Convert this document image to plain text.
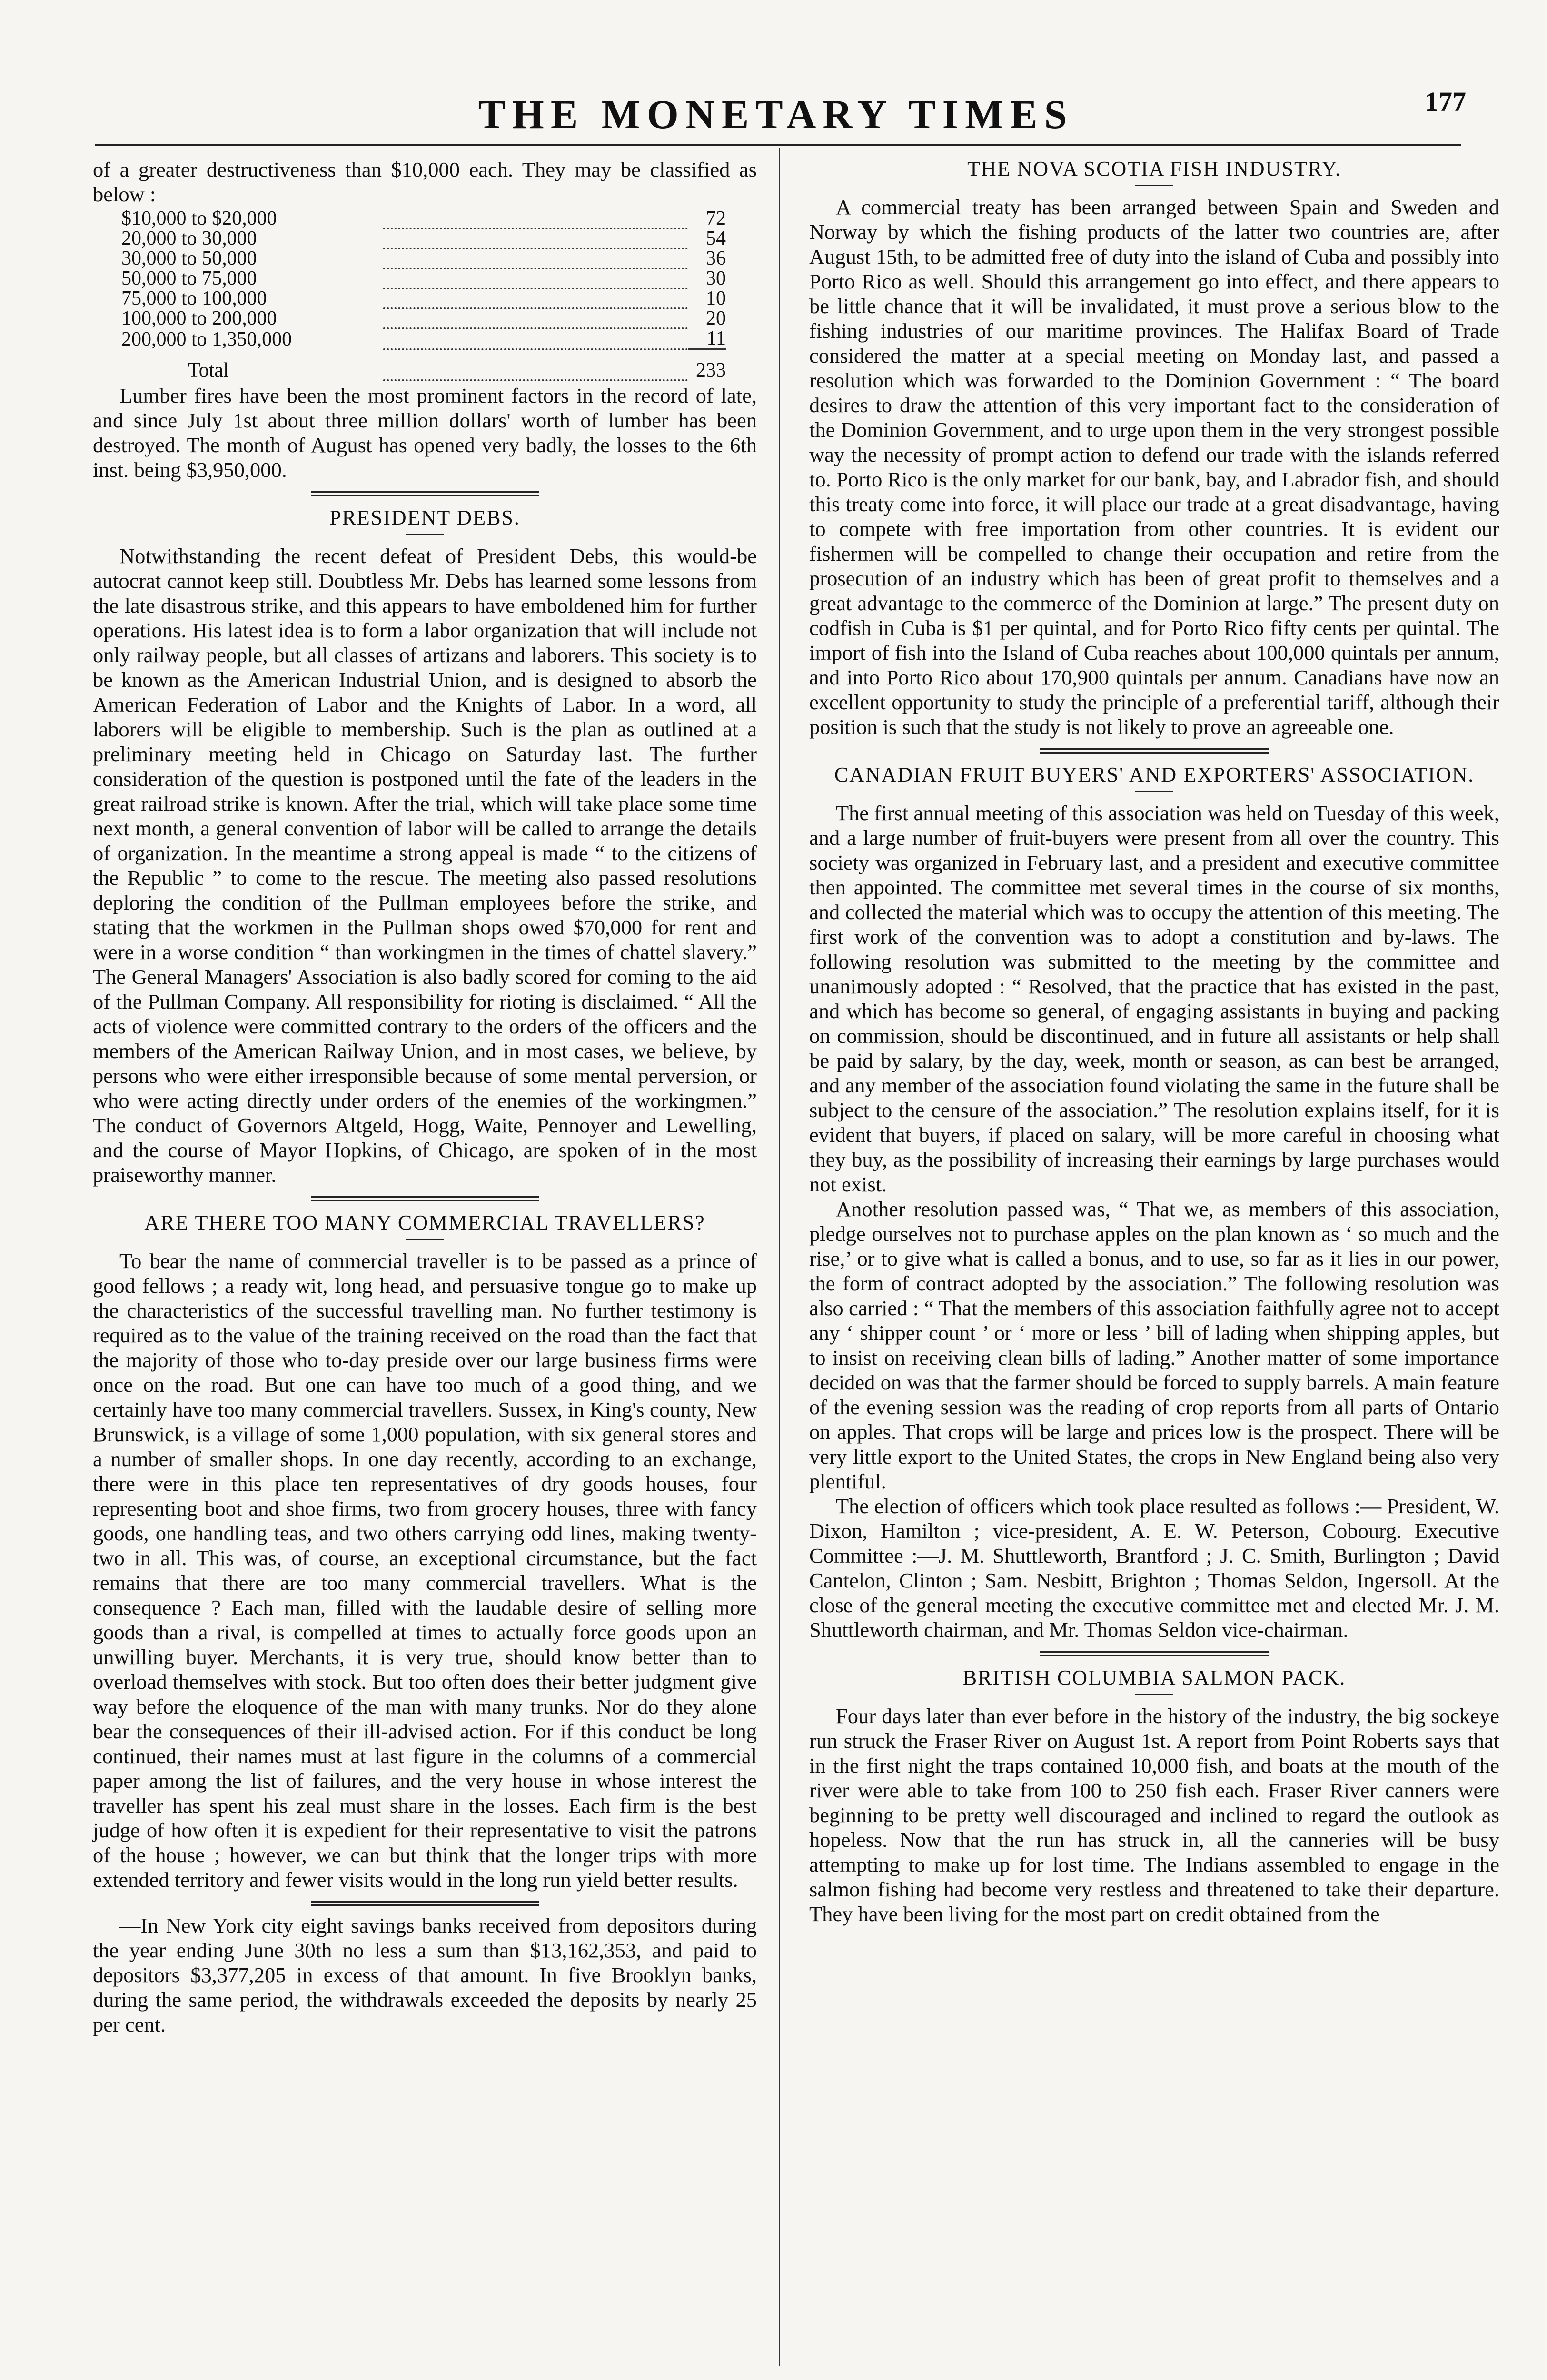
THE MONETARY TIMES	177

of a greater destructiveness than $10,000 each. They may be classified as below :

$10,000 to $20,000		72
20,000 to 30,000		54
30,000 to 50,000		36
50,000 to 75,000		30
75,000 to 100,000		10
100,000 to 200,000		20
200,000 to 1,350,000		11
Total		233

Lumber fires have been the most prominent factors in the record of late, and since July 1st about three million dollars' worth of lumber has been destroyed. The month of August has opened very badly, the losses to the 6th inst. being $3,950,000.

PRESIDENT DEBS.

Notwithstanding the recent defeat of President Debs, this would-be autocrat cannot keep still. Doubtless Mr. Debs has learned some lessons from the late disastrous strike, and this appears to have emboldened him for further operations. His latest idea is to form a labor organization that will include not only railway people, but all classes of artizans and laborers. This society is to be known as the American Industrial Union, and is designed to absorb the American Federation of Labor and the Knights of Labor. In a word, all laborers will be eligible to membership. Such is the plan as outlined at a preliminary meeting held in Chicago on Saturday last. The further consideration of the question is postponed until the fate of the leaders in the great railroad strike is known. After the trial, which will take place some time next month, a general convention of labor will be called to arrange the details of organization. In the meantime a strong appeal is made “ to the citizens of the Republic ” to come to the rescue. The meeting also passed resolutions deploring the condition of the Pullman employees before the strike, and stating that the workmen in the Pullman shops owed $70,000 for rent and were in a worse condition “ than workingmen in the times of chattel slavery.” The General Managers' Association is also badly scored for coming to the aid of the Pullman Company. All responsibility for rioting is disclaimed. “ All the acts of violence were committed contrary to the orders of the officers and the members of the American Railway Union, and in most cases, we believe, by persons who were either irresponsible because of some mental perversion, or who were acting directly under orders of the enemies of the workingmen.” The conduct of Governors Altgeld, Hogg, Waite, Pennoyer and Lewelling, and the course of Mayor Hopkins, of Chicago, are spoken of in the most praiseworthy manner.

ARE THERE TOO MANY COMMERCIAL TRAVELLERS?

To bear the name of commercial traveller is to be passed as a prince of good fellows ; a ready wit, long head, and persuasive tongue go to make up the characteristics of the successful travelling man. No further testimony is required as to the value of the training received on the road than the fact that the majority of those who to-day preside over our large business firms were once on the road. But one can have too much of a good thing, and we certainly have too many commercial travellers. Sussex, in King's county, New Brunswick, is a village of some 1,000 population, with six general stores and a number of smaller shops. In one day recently, according to an exchange, there were in this place ten representatives of dry goods houses, four representing boot and shoe firms, two from grocery houses, three with fancy goods, one handling teas, and two others carrying odd lines, making twenty-two in all. This was, of course, an exceptional circumstance, but the fact remains that there are too many commercial travellers. What is the consequence ? Each man, filled with the laudable desire of selling more goods than a rival, is compelled at times to actually force goods upon an unwilling buyer. Merchants, it is very true, should know better than to overload themselves with stock. But too often does their better judgment give way before the eloquence of the man with many trunks. Nor do they alone bear the consequences of their ill-advised action. For if this conduct be long continued, their names must at last figure in the columns of a commercial paper among the list of failures, and the very house in whose interest the traveller has spent his zeal must share in the losses. Each firm is the best judge of how often it is expedient for their representative to visit the patrons of the house ; however, we can but think that the longer trips with more extended territory and fewer visits would in the long run yield better results.

—In New York city eight savings banks received from depositors during the year ending June 30th no less a sum than $13,162,353, and paid to depositors $3,377,205 in excess of that amount. In five Brooklyn banks, during the same period, the withdrawals exceeded the deposits by nearly 25 per cent.

THE NOVA SCOTIA FISH INDUSTRY.

A commercial treaty has been arranged between Spain and Sweden and Norway by which the fishing products of the latter two countries are, after August 15th, to be admitted free of duty into the island of Cuba and possibly into Porto Rico as well. Should this arrangement go into effect, and there appears to be little chance that it will be invalidated, it must prove a serious blow to the fishing industries of our maritime provinces. The Halifax Board of Trade considered the matter at a special meeting on Monday last, and passed a resolution which was forwarded to the Dominion Government : “ The board desires to draw the attention of this very important fact to the consideration of the Dominion Government, and to urge upon them in the very strongest possible way the necessity of prompt action to defend our trade with the islands referred to. Porto Rico is the only market for our bank, bay, and Labrador fish, and should this treaty come into force, it will place our trade at a great disadvantage, having to compete with free importation from other countries. It is evident our fishermen will be compelled to change their occupation and retire from the prosecution of an industry which has been of great profit to themselves and a great advantage to the commerce of the Dominion at large.” The present duty on codfish in Cuba is $1 per quintal, and for Porto Rico fifty cents per quintal. The import of fish into the Island of Cuba reaches about 100,000 quintals per annum, and into Porto Rico about 170,900 quintals per annum. Canadians have now an excellent opportunity to study the principle of a preferential tariff, although their position is such that the study is not likely to prove an agreeable one.

CANADIAN FRUIT BUYERS' AND EXPORTERS' ASSOCIATION.

The first annual meeting of this association was held on Tuesday of this week, and a large number of fruit-buyers were present from all over the country. This society was organized in February last, and a president and executive committee then appointed. The committee met several times in the course of six months, and collected the material which was to occupy the attention of this meeting. The first work of the convention was to adopt a constitution and by-laws. The following resolution was submitted to the meeting by the committee and unanimously adopted : “ Resolved, that the practice that has existed in the past, and which has become so general, of engaging assistants in buying and packing on commission, should be discontinued, and in future all assistants or help shall be paid by salary, by the day, week, month or season, as can best be arranged, and any member of the association found violating the same in the future shall be subject to the censure of the association.” The resolution explains itself, for it is evident that buyers, if placed on salary, will be more careful in choosing what they buy, as the possibility of increasing their earnings by large purchases would not exist.

Another resolution passed was, “ That we, as members of this association, pledge ourselves not to purchase apples on the plan known as ‘ so much and the rise,’ or to give what is called a bonus, and to use, so far as it lies in our power, the form of contract adopted by the association.” The following resolution was also carried : “ That the members of this association faithfully agree not to accept any ‘ shipper count ’ or ‘ more or less ’ bill of lading when shipping apples, but to insist on receiving clean bills of lading.” Another matter of some importance decided on was that the farmer should be forced to supply barrels. A main feature of the evening session was the reading of crop reports from all parts of Ontario on apples. That crops will be large and prices low is the prospect. There will be very little export to the United States, the crops in New England being also very plentiful.

The election of officers which took place resulted as follows :— President, W. Dixon, Hamilton ; vice-president, A. E. W. Peterson, Cobourg. Executive Committee :—J. M. Shuttleworth, Brantford ; J. C. Smith, Burlington ; David Cantelon, Clinton ; Sam. Nesbitt, Brighton ; Thomas Seldon, Ingersoll. At the close of the general meeting the executive committee met and elected Mr. J. M. Shuttleworth chairman, and Mr. Thomas Seldon vice-chairman.

BRITISH COLUMBIA SALMON PACK.

Four days later than ever before in the history of the industry, the big sockeye run struck the Fraser River on August 1st. A report from Point Roberts says that in the first night the traps contained 10,000 fish, and boats at the mouth of the river were able to take from 100 to 250 fish each. Fraser River canners were beginning to be pretty well discouraged and inclined to regard the outlook as hopeless. Now that the run has struck in, all the canneries will be busy attempting to make up for lost time. The Indians assembled to engage in the salmon fishing had become very restless and threatened to take their departure. They have been living for the most part on credit obtained from the
